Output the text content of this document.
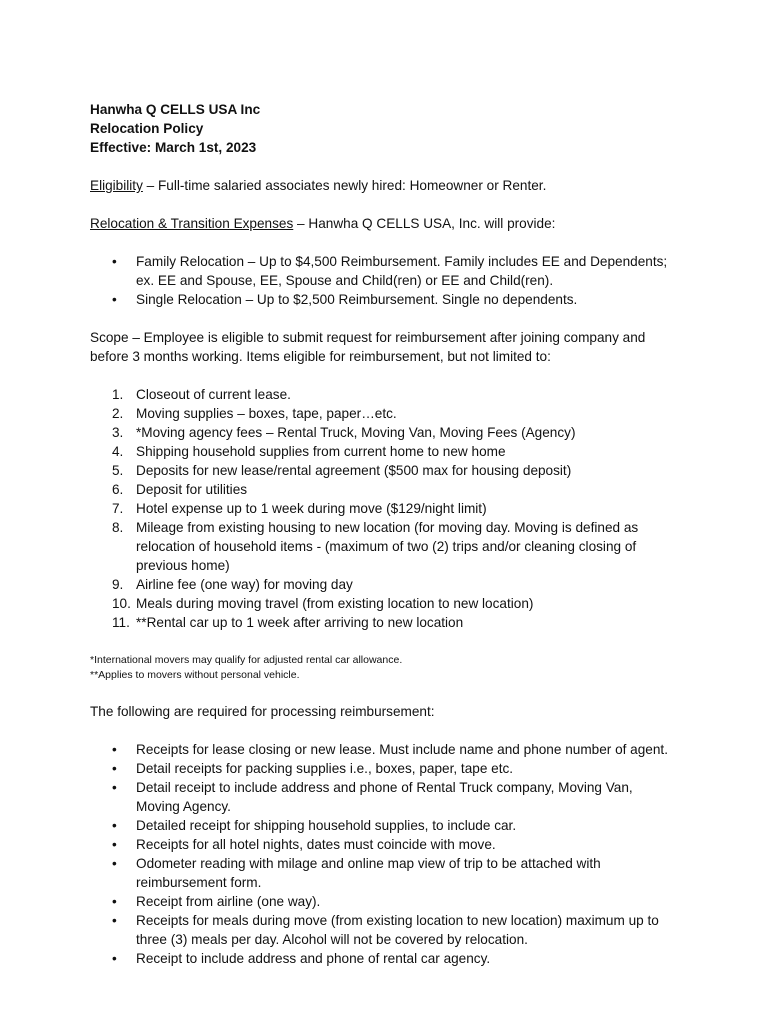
Hanwha Q CELLS USA Inc

Relocation Policy

Effective: March 1st, 2023

Eligibility – Full-time salaried associates newly hired: Homeowner or Renter.

Relocation & Transition Expenses – Hanwha Q CELLS USA, Inc. will provide:

• Family Relocation – Up to $4,500 Reimbursement. Family includes EE and Dependents; ex. EE and Spouse, EE, Spouse and Child(ren) or EE and Child(ren).
• Single Relocation – Up to $2,500 Reimbursement. Single no dependents.

Scope – Employee is eligible to submit request for reimbursement after joining company and before 3 months working. Items eligible for reimbursement, but not limited to:

1. Closeout of current lease.
2. Moving supplies – boxes, tape, paper…etc.
3. *Moving agency fees – Rental Truck, Moving Van, Moving Fees (Agency)
4. Shipping household supplies from current home to new home
5. Deposits for new lease/rental agreement ($500 max for housing deposit)
6. Deposit for utilities
7. Hotel expense up to 1 week during move ($129/night limit)
8. Mileage from existing housing to new location (for moving day. Moving is defined as relocation of household items - (maximum of two (2) trips and/or cleaning closing of previous home)
9. Airline fee (one way) for moving day
10. Meals during moving travel (from existing location to new location)
11. **Rental car up to 1 week after arriving to new location

*International movers may qualify for adjusted rental car allowance.

**Applies to movers without personal vehicle.

The following are required for processing reimbursement:

• Receipts for lease closing or new lease. Must include name and phone number of agent.
• Detail receipts for packing supplies i.e., boxes, paper, tape etc.
• Detail receipt to include address and phone of Rental Truck company, Moving Van, Moving Agency.
• Detailed receipt for shipping household supplies, to include car.
• Receipts for all hotel nights, dates must coincide with move.
• Odometer reading with milage and online map view of trip to be attached with reimbursement form.
• Receipt from airline (one way).
• Receipts for meals during move (from existing location to new location) maximum up to three (3) meals per day. Alcohol will not be covered by relocation.
• Receipt to include address and phone of rental car agency.
